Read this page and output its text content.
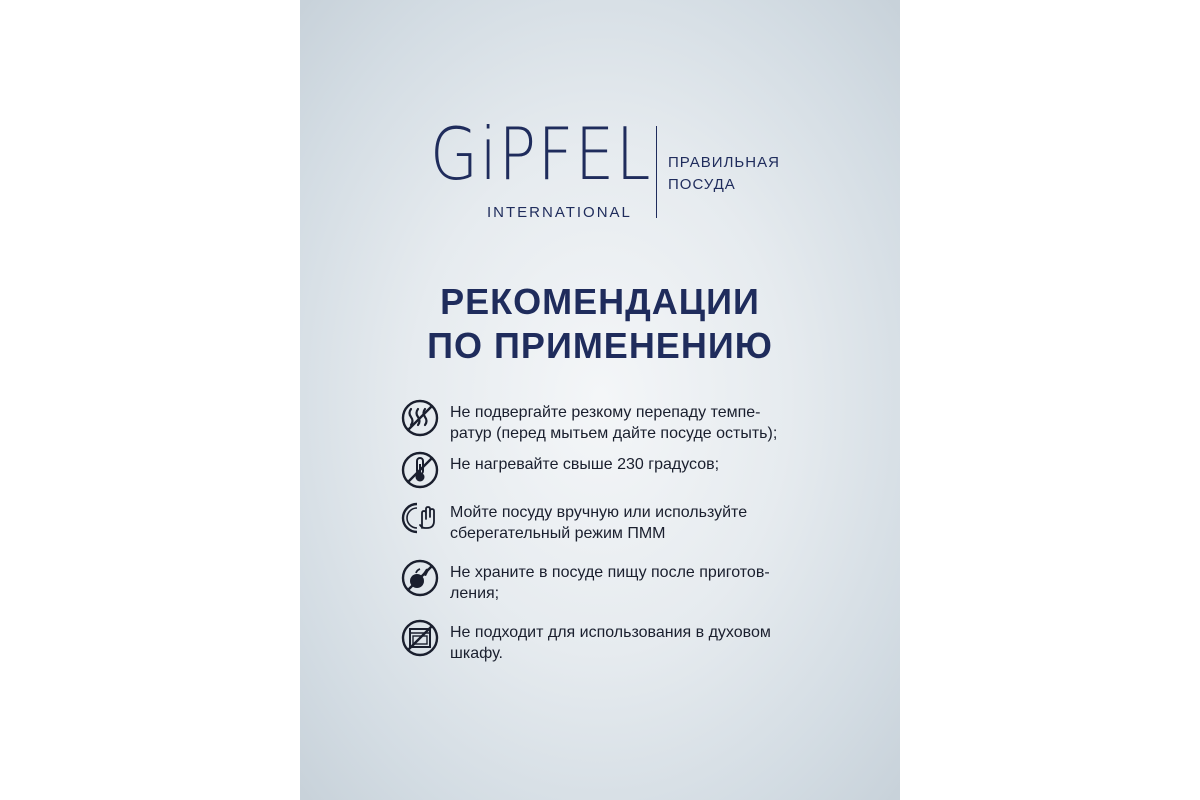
GiPFEL
INTERNATIONAL
ПРАВИЛЬНАЯ
ПОСУДА
РЕКОМЕНДАЦИИ
ПО ПРИМЕНЕНИЮ
Не подвергайте резкому перепаду темпе-
ратур (перед мытьем дайте посуде остыть);
Не нагревайте свыше 230 градусов;
Мойте посуду вручную или используйте
сберегательный режим ПММ
Не храните в посуде пищу после приготов-
ления;
Не подходит для использования в духовом
шкафу.
